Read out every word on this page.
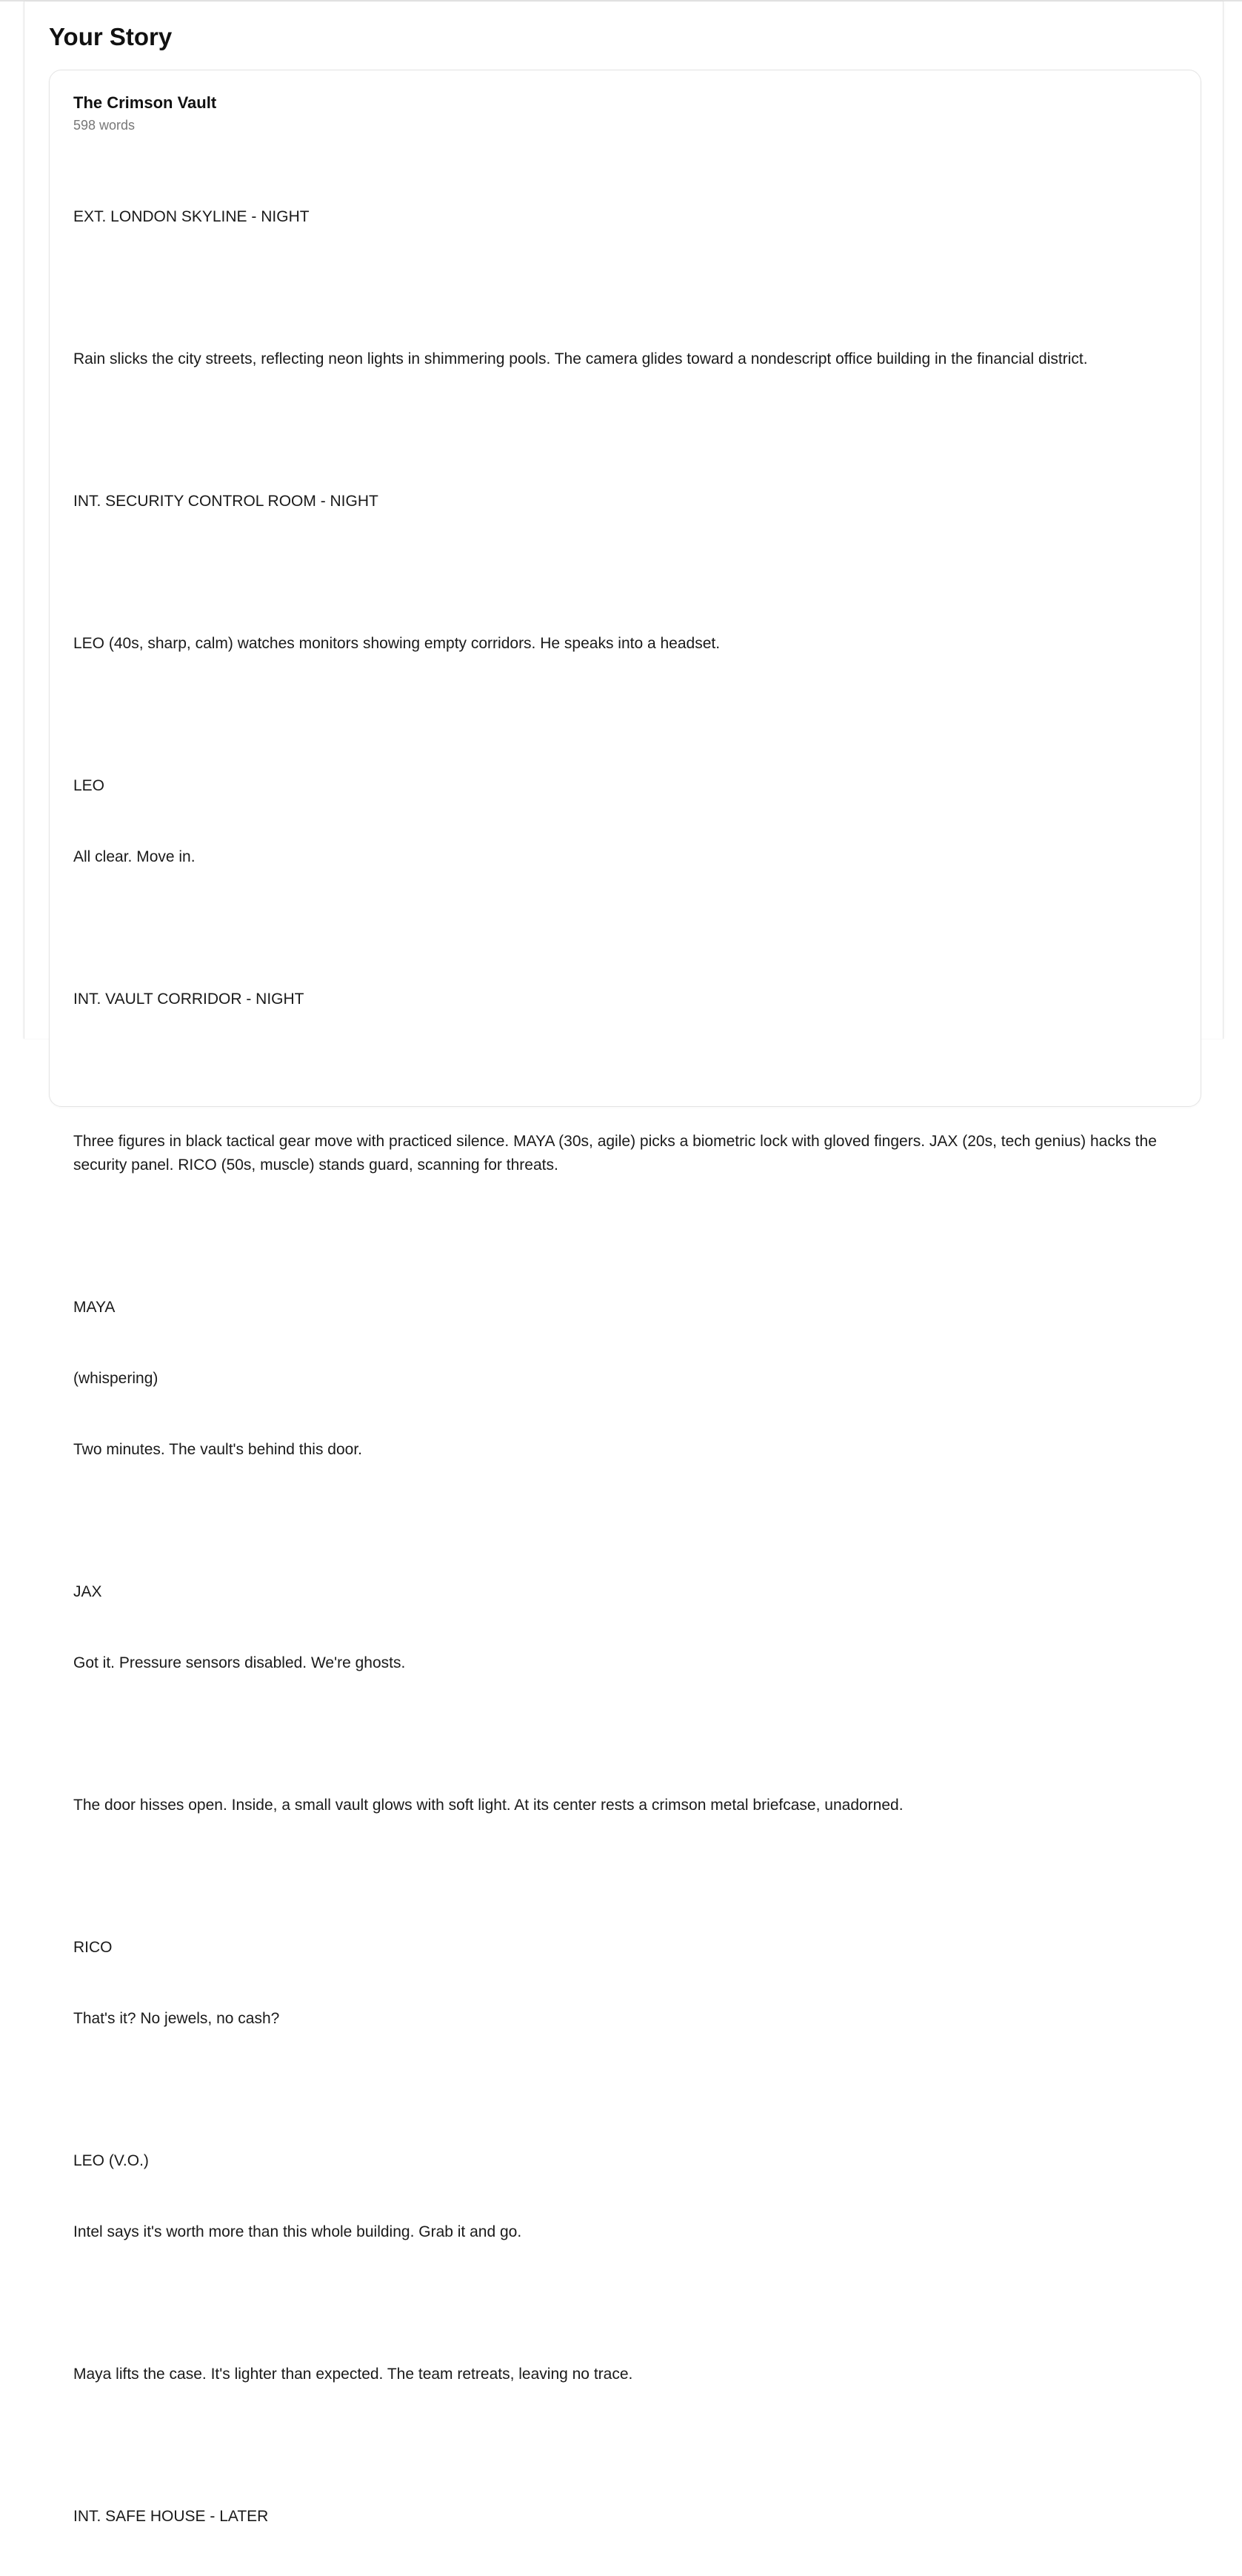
Your Story
The Crimson Vault
598 words

EXT. LONDON SKYLINE - NIGHT

Rain slicks the city streets, reflecting neon lights in shimmering pools. The camera glides toward a nondescript office building in the financial district.

INT. SECURITY CONTROL ROOM - NIGHT

LEO (40s, sharp, calm) watches monitors showing empty corridors. He speaks into a headset.

LEO

All clear. Move in.

INT. VAULT CORRIDOR - NIGHT

Three figures in black tactical gear move with practiced silence. MAYA (30s, agile) picks a biometric lock with gloved fingers. JAX (20s, tech genius) hacks the security panel. RICO (50s, muscle) stands guard, scanning for threats.

MAYA

(whispering)

Two minutes. The vault's behind this door.

JAX

Got it. Pressure sensors disabled. We're ghosts.

The door hisses open. Inside, a small vault glows with soft light. At its center rests a crimson metal briefcase, unadorned.

RICO

That's it? No jewels, no cash?

LEO (V.O.)

Intel says it's worth more than this whole building. Grab it and go.

Maya lifts the case. It's lighter than expected. The team retreats, leaving no trace.

INT. SAFE HOUSE - LATER
